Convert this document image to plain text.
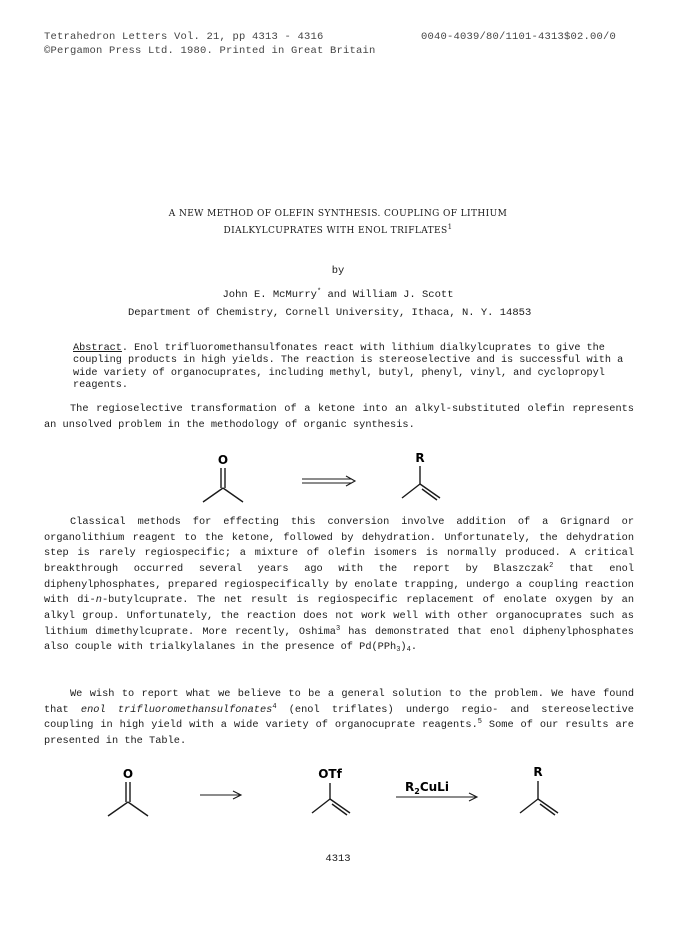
Tetrahedron Letters Vol. 21, pp 4313 - 4316
©Pergamon Press Ltd. 1980. Printed in Great Britain
0040-4039/80/1101-4313$02.00/0
A NEW METHOD OF OLEFIN SYNTHESIS. COUPLING OF LITHIUM
DIALKYLCUPRATES WITH ENOL TRIFLATES$^1$
by
John E. McMurry* and William J. Scott
Department of Chemistry, Cornell University, Ithaca, N. Y. 14853
Abstract. Enol trifluoromethansulfonates react with lithium dialkylcuprates to give the coupling products in high yields. The reaction is stereoselective and is successful with a wide variety of organocuprates, including methyl, butyl, phenyl, vinyl, and cyclopropyl reagents.

The regioselective transformation of a ketone into an alkyl-substituted olefin represents an unsolved problem in the methodology of organic synthesis.

O	R

Classical methods for effecting this conversion involve addition of a Grignard or organolithium reagent to the ketone, followed by dehydration. Unfortunately, the dehydration step is rarely regiospecific; a mixture of olefin isomers is normally produced. A critical breakthrough occurred several years ago with the report by Blaszczak$^2$ that enol diphenylphosphates, prepared regiospecifically by enolate trapping, undergo a coupling reaction with di-n-butylcuprate. The net result is regiospecific replacement of enolate oxygen by an alkyl group. Unfortunately, the reaction does not work well with other organocuprates such as lithium dimethylcuprate. More recently, Oshima$^3$ has demonstrated that enol diphenylphosphates also couple with trialkylalanes in the presence of $Pd(PPh_3)_4$.

We wish to report what we believe to be a general solution to the problem. We have found that enol trifluoromethansulfonates$^4$ (enol triflates) undergo regio- and stereoselective coupling in high yield with a wide variety of organocuprate reagents.$^5$ Some of our results are presented in the Table.

O	OTf
$R_2CuLi$
R
4313
